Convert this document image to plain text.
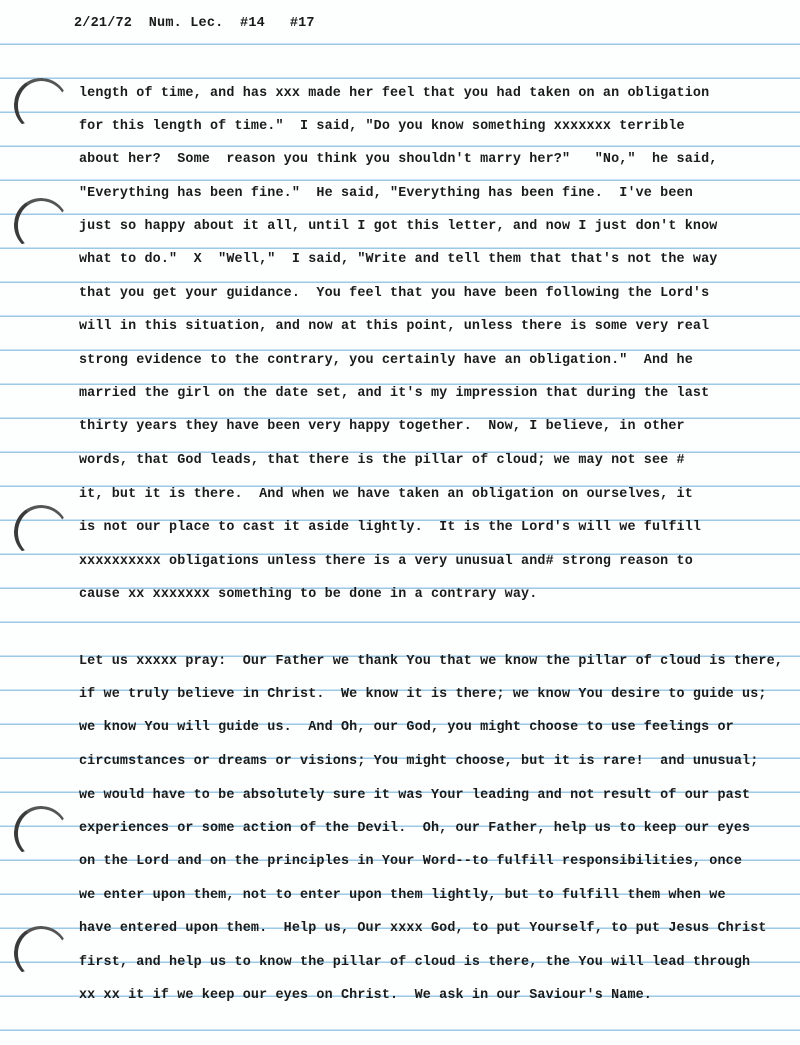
2/21/72  Num. Lec.  #14   #17
length of time, and has xxx made her feel that you had taken on an obligation
for this length of time."  I said, "Do you know something xxxxxxx terrible
about her?  Some  reason you think you shouldn't marry her?"   "No,"  he said,
"Everything has been fine."  He said, "Everything has been fine.  I've been
just so happy about it all, until I got this letter, and now I just don't know
what to do."  X  "Well,"  I said, "Write and tell them that that's not the way
that you get your guidance.  You feel that you have been following the Lord's
will in this situation, and now at this point, unless there is some very real
strong evidence to the contrary, you certainly have an obligation."  And he
married the girl on the date set, and it's my impression that during the last
thirty years they have been very happy together.  Now, I believe, in other
words, that God leads, that there is the pillar of cloud; we may not see #
it, but it is there.  And when we have taken an obligation on ourselves, it
is not our place to cast it aside lightly.  It is the Lord's will we fulfill
xxxxxxxxxx obligations unless there is a very unusual and# strong reason to
cause xx xxxxxxx something to be done in a contrary way.
Let us xxxxx pray:  Our Father we thank You that we know the pillar of cloud is there,
if we truly believe in Christ.  We know it is there; we know You desire to guide us;
we know You will guide us.  And Oh, our God, you might choose to use feelings or
circumstances or dreams or visions; You might choose, but it is rare!  and unusual;
we would have to be absolutely sure it was Your leading and not result of our past
experiences or some action of the Devil.  Oh, our Father, help us to keep our eyes
on the Lord and on the principles in Your Word--to fulfill responsibilities, once
we enter upon them, not to enter upon them lightly, but to fulfill them when we
have entered upon them.  Help us, Our xxxx God, to put Yourself, to put Jesus Christ
first, and help us to know the pillar of cloud is there, the You will lead through
xx xx it if we keep our eyes on Christ.  We ask in our Saviour's Name.
